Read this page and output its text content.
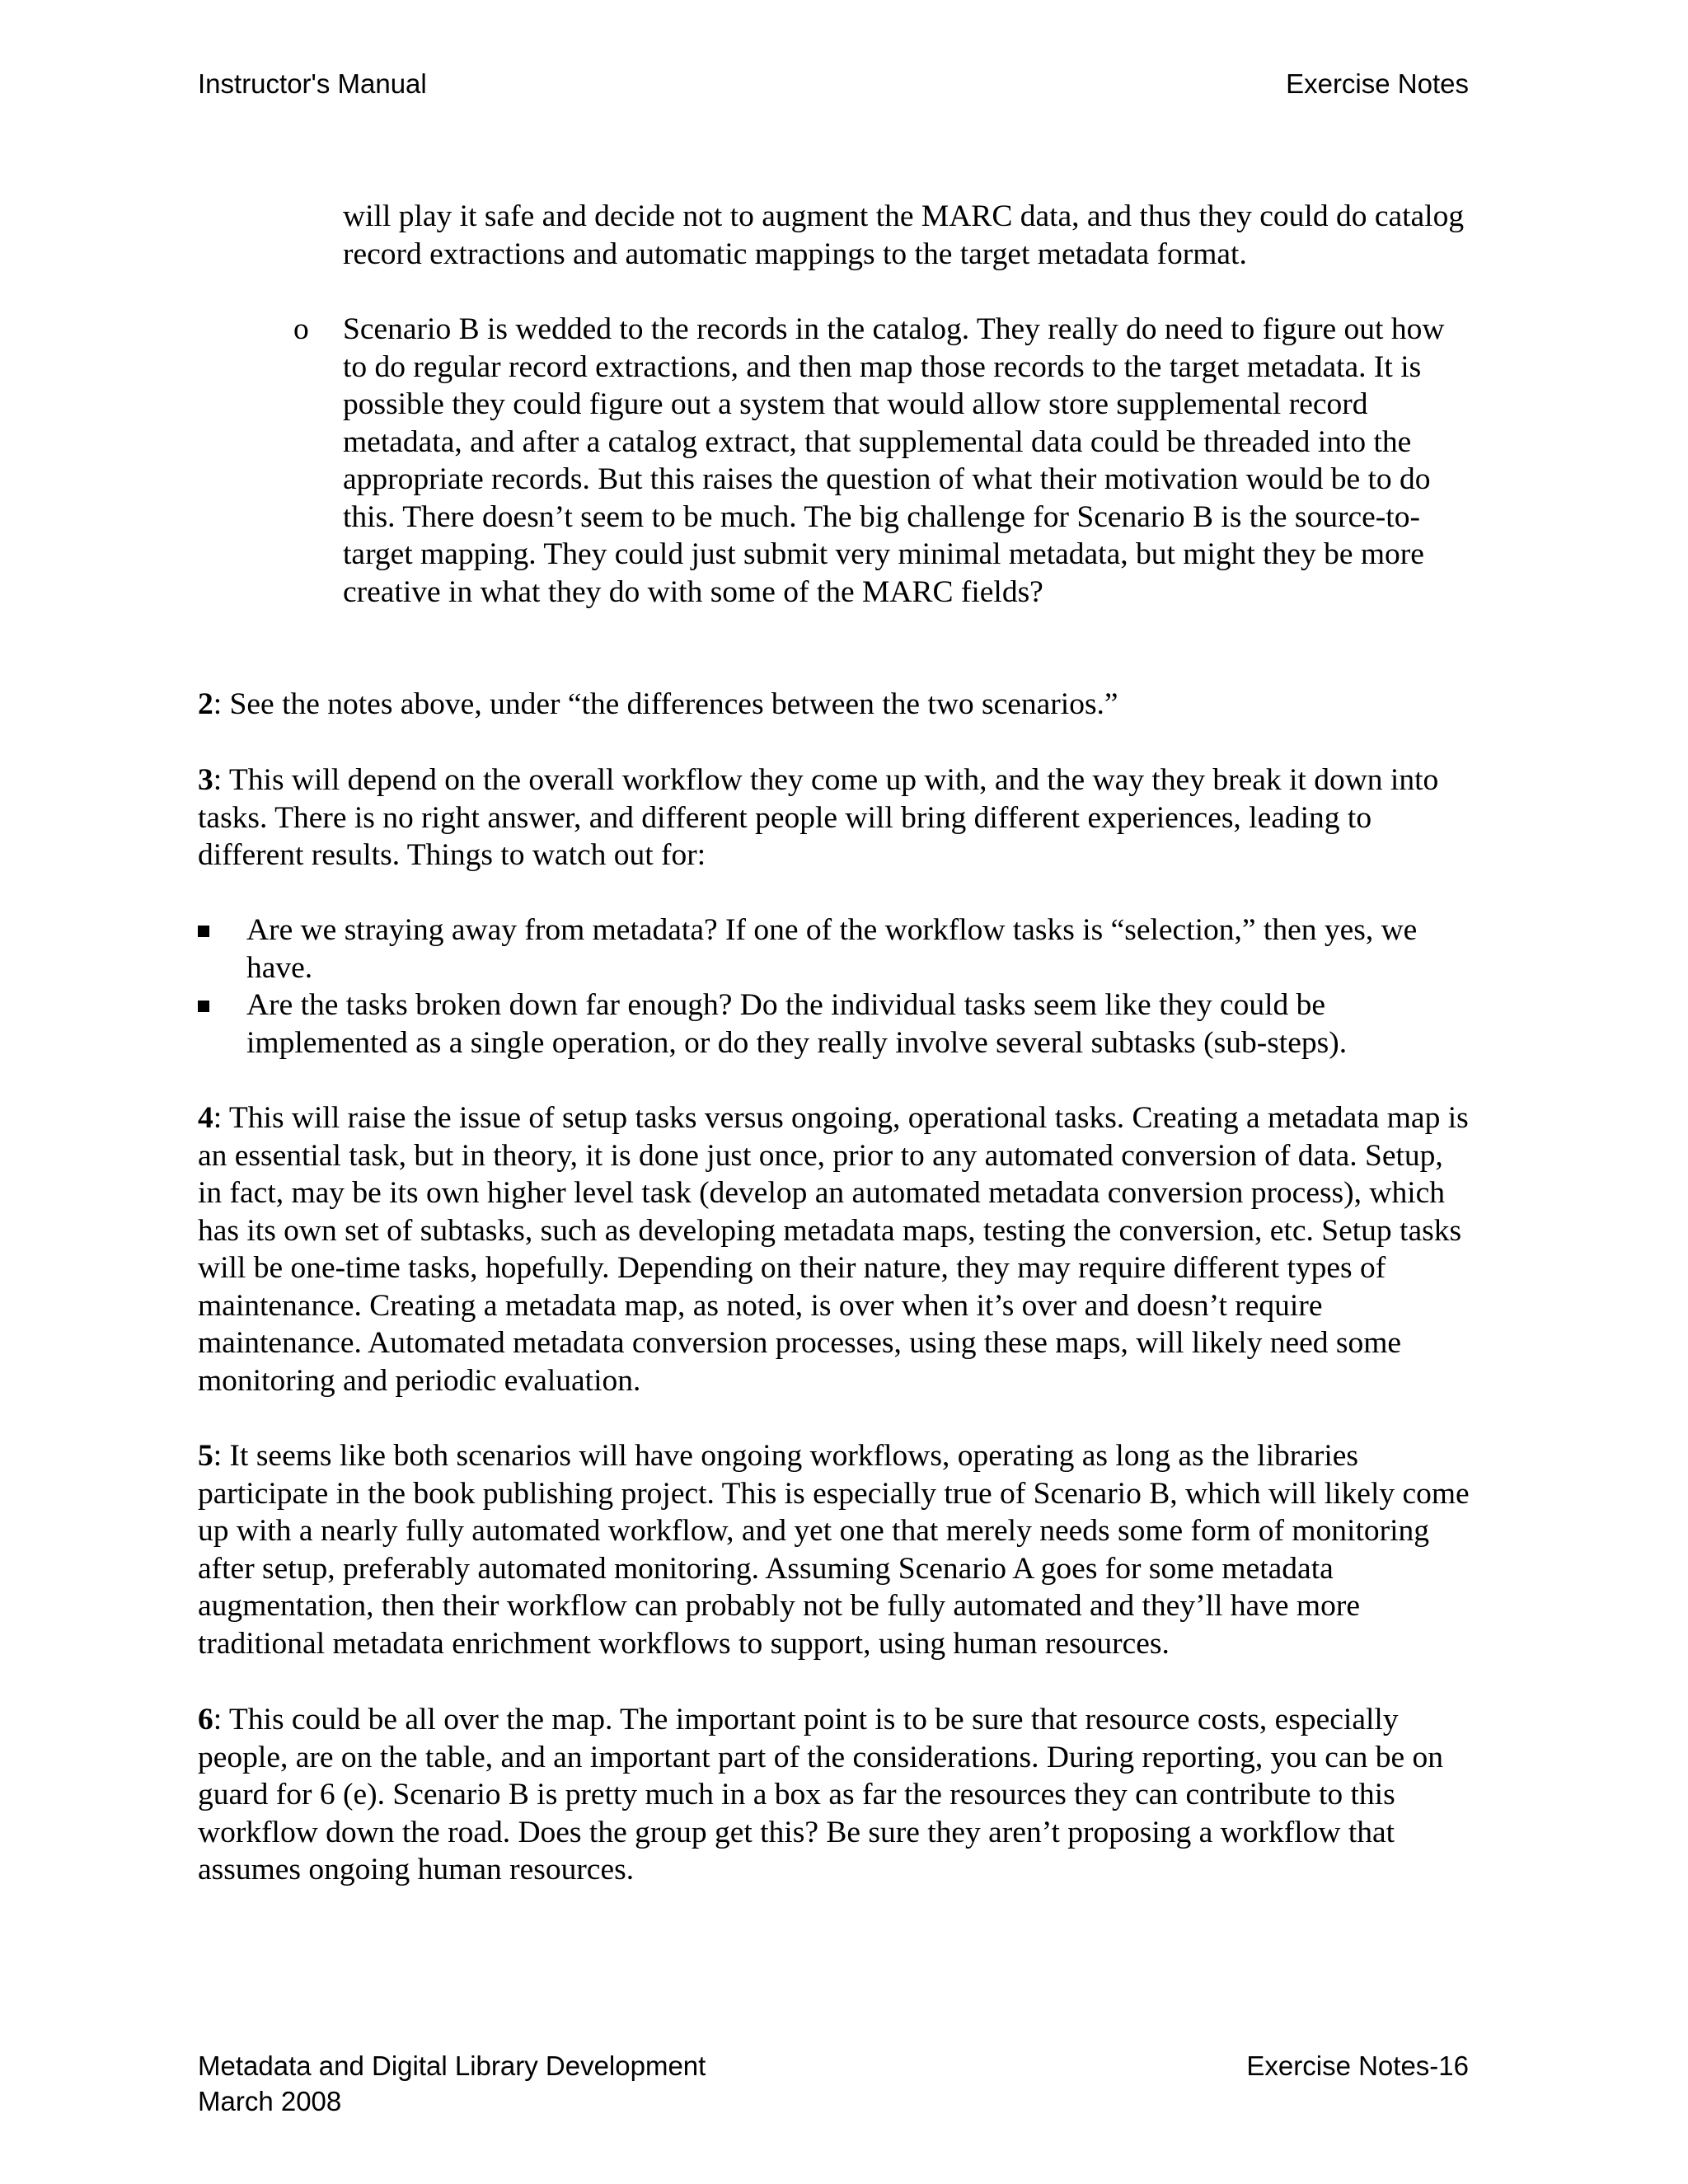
Instructor's Manual	Exercise Notes
will play it safe and decide not to augment the MARC data, and thus they could do catalog record extractions and automatic mappings to the target metadata format.
o Scenario B is wedded to the records in the catalog. They really do need to figure out how to do regular record extractions, and then map those records to the target metadata. It is possible they could figure out a system that would allow store supplemental record metadata, and after a catalog extract, that supplemental data could be threaded into the appropriate records. But this raises the question of what their motivation would be to do this. There doesn’t seem to be much. The big challenge for Scenario B is the source-to-target mapping. They could just submit very minimal metadata, but might they be more creative in what they do with some of the MARC fields?
2: See the notes above, under “the differences between the two scenarios.”
3: This will depend on the overall workflow they come up with, and the way they break it down into tasks. There is no right answer, and different people will bring different experiences, leading to different results. Things to watch out for:
Are we straying away from metadata? If one of the workflow tasks is “selection,” then yes, we have.
Are the tasks broken down far enough? Do the individual tasks seem like they could be implemented as a single operation, or do they really involve several subtasks (sub-steps).
4: This will raise the issue of setup tasks versus ongoing, operational tasks. Creating a metadata map is an essential task, but in theory, it is done just once, prior to any automated conversion of data. Setup, in fact, may be its own higher level task (develop an automated metadata conversion process), which has its own set of subtasks, such as developing metadata maps, testing the conversion, etc. Setup tasks will be one-time tasks, hopefully. Depending on their nature, they may require different types of maintenance. Creating a metadata map, as noted, is over when it’s over and doesn’t require maintenance. Automated metadata conversion processes, using these maps, will likely need some monitoring and periodic evaluation.
5: It seems like both scenarios will have ongoing workflows, operating as long as the libraries participate in the book publishing project. This is especially true of Scenario B, which will likely come up with a nearly fully automated workflow, and yet one that merely needs some form of monitoring after setup, preferably automated monitoring. Assuming Scenario A goes for some metadata augmentation, then their workflow can probably not be fully automated and they’ll have more traditional metadata enrichment workflows to support, using human resources.
6: This could be all over the map. The important point is to be sure that resource costs, especially people, are on the table, and an important part of the considerations. During reporting, you can be on guard for 6 (e). Scenario B is pretty much in a box as far the resources they can contribute to this workflow down the road. Does the group get this? Be sure they aren’t proposing a workflow that assumes ongoing human resources.
Metadata and Digital Library Development
March 2008
Exercise Notes-16
